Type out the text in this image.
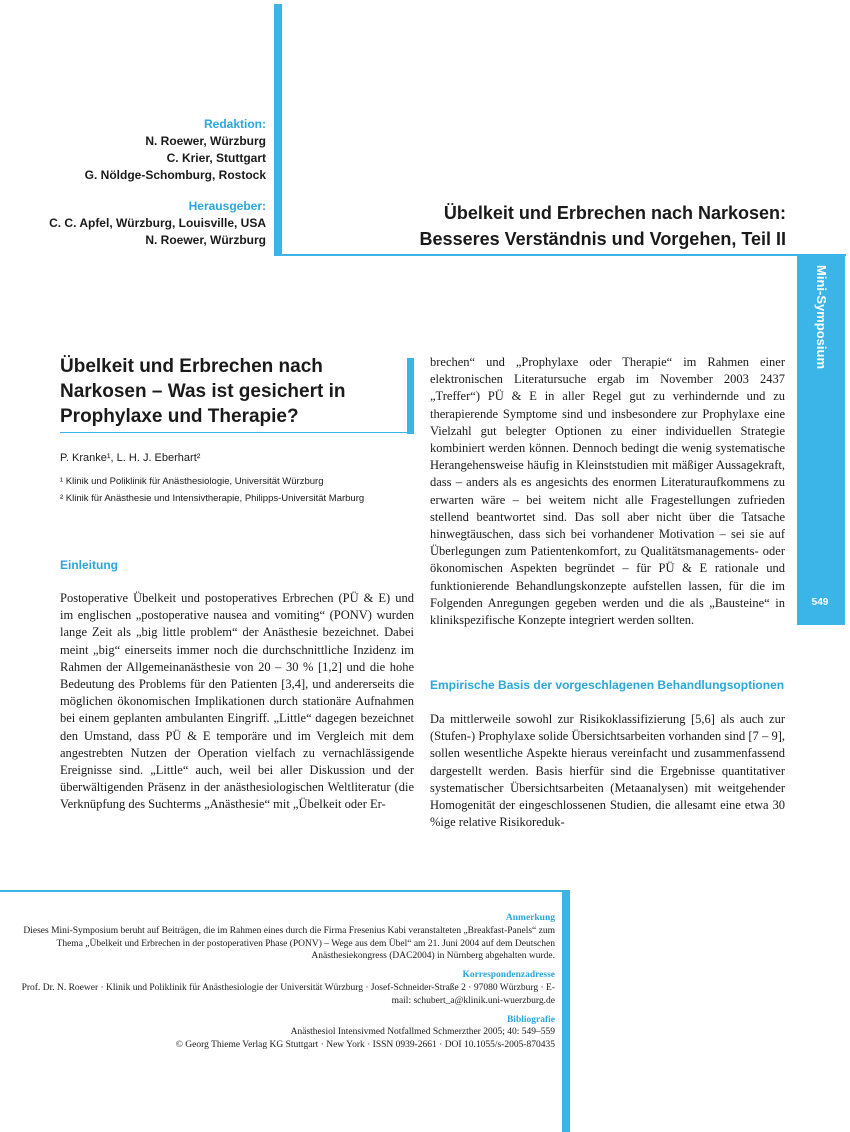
Redaktion:
N. Roewer, Würzburg
C. Krier, Stuttgart
G. Nöldge-Schomburg, Rostock
Herausgeber:
C. C. Apfel, Würzburg, Louisville, USA
N. Roewer, Würzburg
Übelkeit und Erbrechen nach Narkosen:
Besseres Verständnis und Vorgehen, Teil II
Mini-Symposium
549
Übelkeit und Erbrechen nach Narkosen – Was ist gesichert in Prophylaxe und Therapie?
P. Kranke¹, L. H. J. Eberhart²
¹ Klinik und Poliklinik für Anästhesiologie, Universität Würzburg
² Klinik für Anästhesie und Intensivtherapie, Philipps-Universität Marburg
Einleitung

Postoperative Übelkeit und postoperatives Erbrechen (PÜ & E) und im englischen „postoperative nausea and vomiting“ (PONV) wurden lange Zeit als „big little problem“ der Anästhesie bezeichnet. Dabei meint „big“ einerseits immer noch die durchschnittliche Inzidenz im Rahmen der Allgemeinanästhesie von 20 – 30 % [1,2] und die hohe Bedeutung des Problems für den Patienten [3,4], und andererseits die möglichen ökonomischen Implikationen durch stationäre Aufnahmen bei einem geplanten ambulanten Eingriff. „Little“ dagegen bezeichnet den Umstand, dass PÜ & E temporäre und im Vergleich mit dem angestrebten Nutzen der Operation vielfach zu vernachlässigende Ereignisse sind. „Little“ auch, weil bei aller Diskussion und der überwältigenden Präsenz in der anästhesiologischen Weltliteratur (die Verknüpfung des Suchterms „Anästhesie“ mit „Übelkeit oder Er-

brechen“ und „Prophylaxe oder Therapie“ im Rahmen einer elektronischen Literatursuche ergab im November 2003 2437 „Treffer“) PÜ & E in aller Regel gut zu verhindernde und zu therapierende Symptome sind und insbesondere zur Prophylaxe eine Vielzahl gut belegter Optionen zu einer individuellen Strategie kombiniert werden können. Dennoch bedingt die wenig systematische Herangehensweise häufig in Kleinststudien mit mäßiger Aussagekraft, dass – anders als es angesichts des enormen Literaturaufkommens zu erwarten wäre – bei weitem nicht alle Fragestellungen zufrieden stellend beantwortet sind. Das soll aber nicht über die Tatsache hinwegtäuschen, dass sich bei vorhandener Motivation – sei sie auf Überlegungen zum Patientenkomfort, zu Qualitätsmanagements- oder ökonomischen Aspekten begründet – für PÜ & E rationale und funktionierende Behandlungskonzepte aufstellen lassen, für die im Folgenden Anregungen gegeben werden und die als „Bausteine“ in klinikspezifische Konzepte integriert werden sollten.

Empirische Basis der vorgeschlagenen Behandlungsoptionen

Da mittlerweile sowohl zur Risikoklassifizierung [5,6] als auch zur (Stufen-) Prophylaxe solide Übersichtsarbeiten vorhanden sind [7 – 9], sollen wesentliche Aspekte hieraus vereinfacht und zusammenfassend dargestellt werden. Basis hierfür sind die Ergebnisse quantitativer systematischer Übersichtsarbeiten (Metaanalysen) mit weitgehender Homogenität der eingeschlossenen Studien, die allesamt eine etwa 30 %ige relative Risikoreduk-

Anmerkung
Dieses Mini-Symposium beruht auf Beiträgen, die im Rahmen eines durch die Firma Fresenius Kabi veranstalteten „Breakfast-Panels“ zum Thema „Übelkeit und Erbrechen in der postoperativen Phase (PONV) – Wege aus dem Übel“ am 21. Juni 2004 auf dem Deutschen Anästhesiekongress (DAC2004) in Nürnberg abgehalten wurde.
Korrespondenzadresse
Prof. Dr. N. Roewer · Klinik und Poliklinik für Anästhesiologie der Universität Würzburg · Josef-Schneider-Straße 2 · 97080 Würzburg · E-mail: schubert_a@klinik.uni-wuerzburg.de
Bibliografie
Anästhesiol Intensivmed Notfallmed Schmerzther 2005; 40: 549–559
© Georg Thieme Verlag KG Stuttgart · New York · ISSN 0939-2661 · DOI 10.1055/s-2005-870435
